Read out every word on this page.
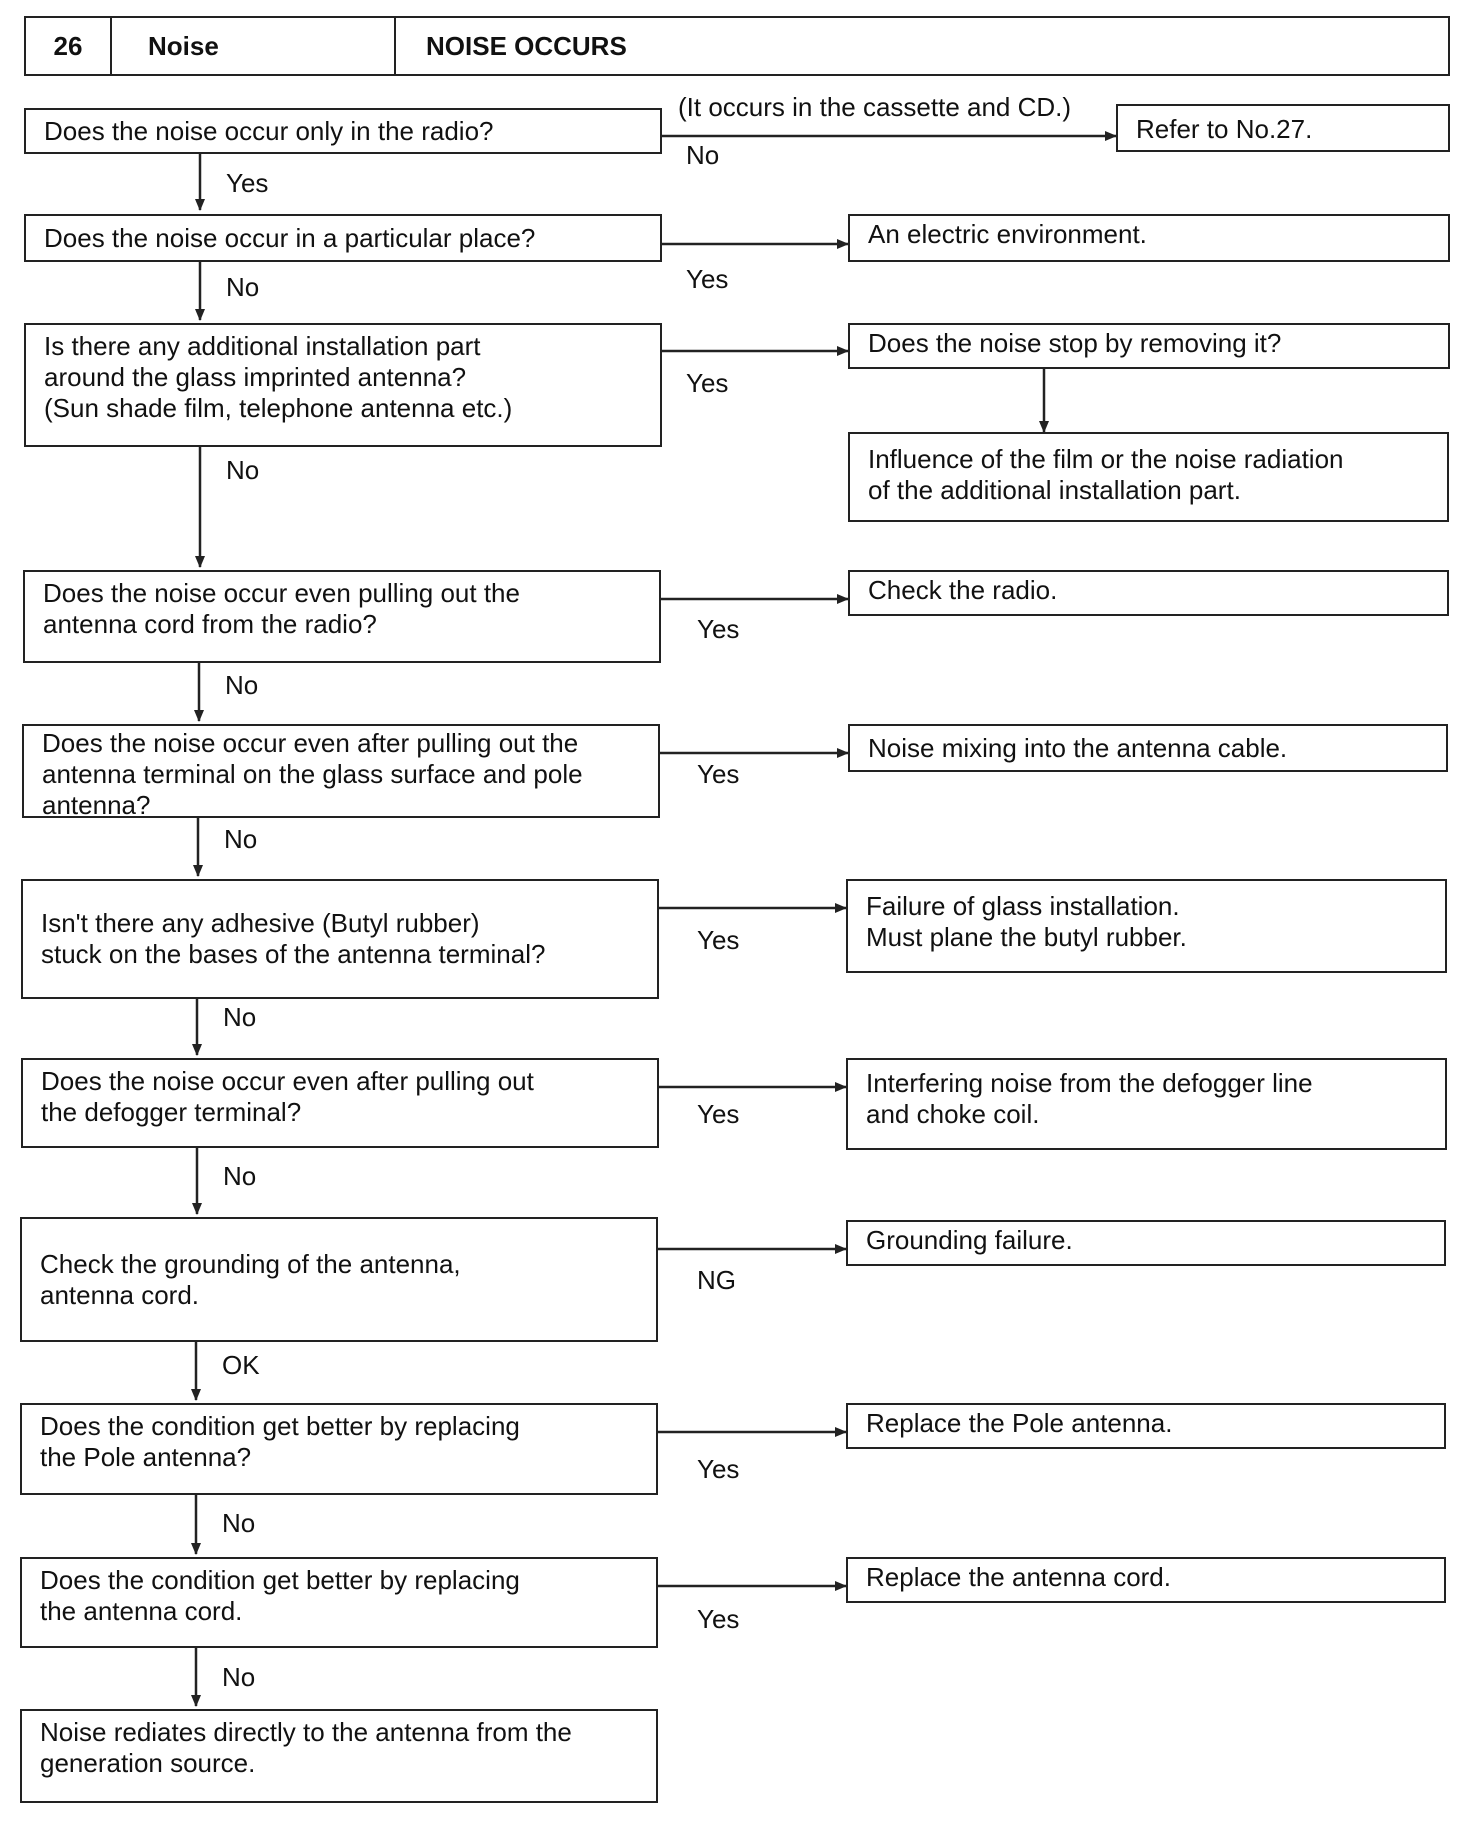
26	Noise	NOISE OCCURS
Does the noise occur only in the radio?
Does the noise occur in a particular place?
Is there any additional installation part
around the glass imprinted antenna?
(Sun shade film, telephone antenna etc.)
Does the noise occur even pulling out the
antenna cord from the radio?
Does the noise occur even after pulling out the
antenna terminal on the glass surface and pole
antenna?
Isn't there any adhesive (Butyl rubber)
stuck on the bases of the antenna terminal?
Does the noise occur even after pulling out
the defogger terminal?
Check the grounding of the antenna,
antenna cord.
Does the condition get better by replacing
the Pole antenna?
Does the condition get better by replacing
the antenna cord.
Noise rediates directly to the antenna from the
generation source.
Refer to No.27.
An electric environment.
Does the noise stop by removing it?
Influence of the film or the noise radiation
of the additional installation part.
Check the radio.
Noise mixing into the antenna cable.
Failure of glass installation.
Must plane the butyl rubber.
Interfering noise from the defogger line
and choke coil.
Grounding failure.
Replace the Pole antenna.
Replace the antenna cord.
(It occurs in the cassette and CD.)
No
Yes
Yes
Yes
Yes
Yes
Yes
NG
Yes
Yes
Yes
No
No
No
No
No
No
OK
No
No
